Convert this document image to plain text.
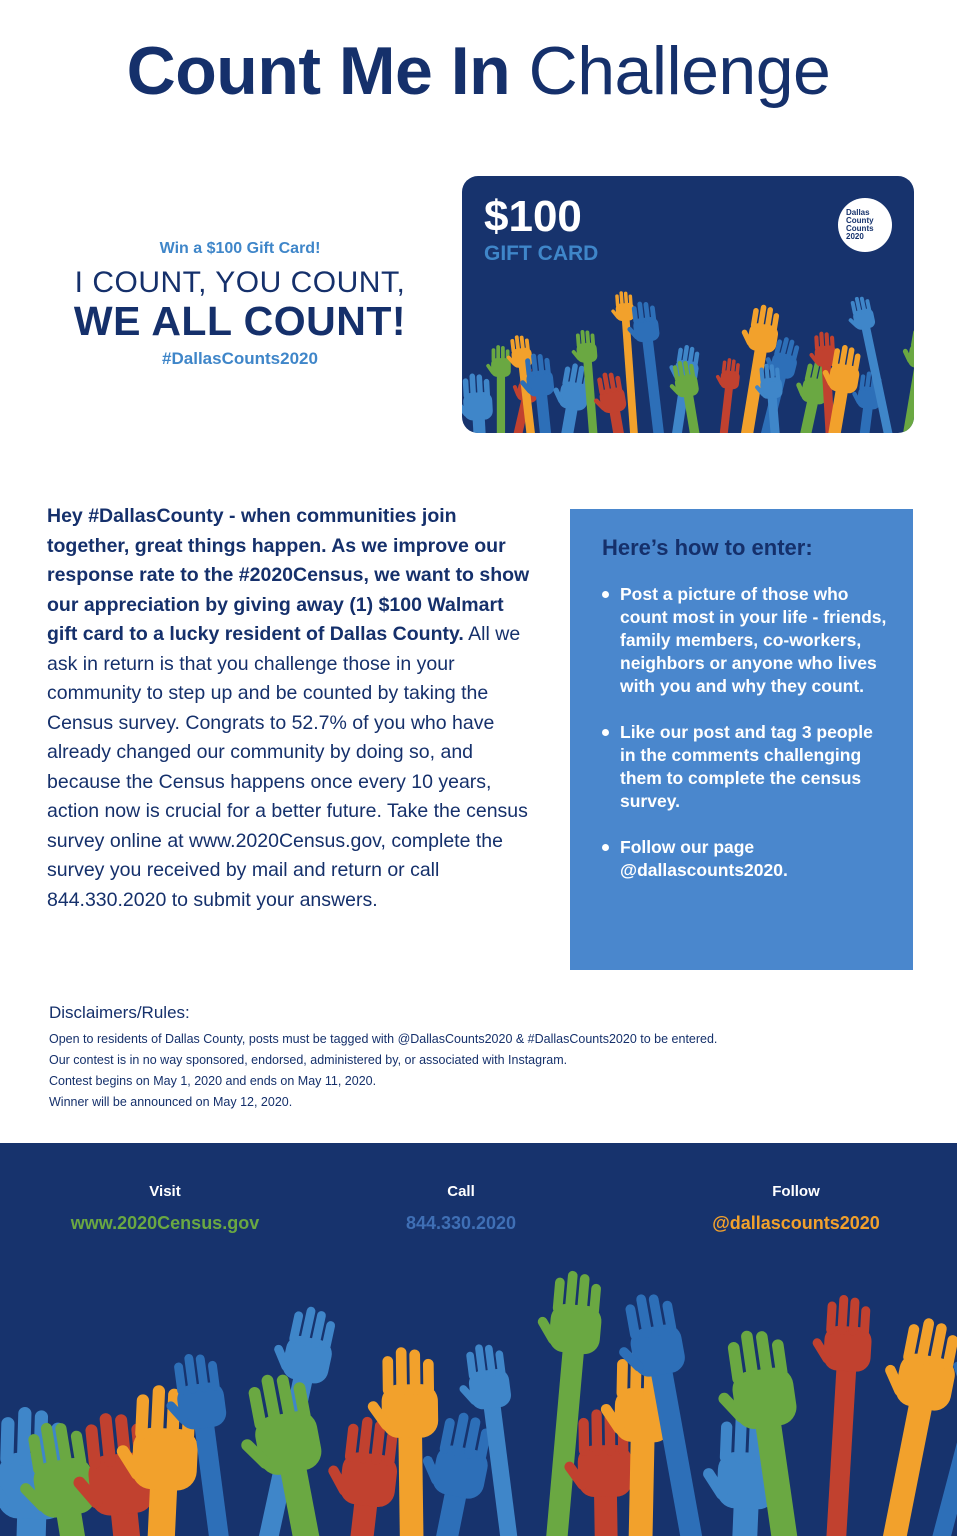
Count Me In Challenge
Win a $100 Gift Card!
I COUNT, YOU COUNT,
WE ALL COUNT!
#DallasCounts2020
$100
GIFT CARD
Dallas
County
Counts
2020
Hey #DallasCounty - when communities join together, great things happen. As we improve our response rate to the #2020Census, we want to show our appreciation by giving away (1) $100 Walmart gift card to a lucky resident of Dallas County. All we ask in return is that you challenge those in your community to step up and be counted by taking the Census survey. Congrats to 52.7% of you who have already changed our community by doing so, and because the Census happens once every 10 years, action now is crucial for a better future. Take the census survey online at www.2020Census.gov, complete the survey you received by mail and return or call 844.330.2020 to submit your answers.
Here’s how to enter:
Post a picture of those who count most in your life - friends, family members, co-workers, neighbors or anyone who lives with you and why they count.
Like our post and tag 3 people in the comments challenging them to complete the census survey.
Follow our page @dallascounts2020.
Disclaimers/Rules:
Open to residents of Dallas County, posts must be tagged with @DallasCounts2020 & #DallasCounts2020 to be entered.
Our contest is in no way sponsored, endorsed, administered by, or associated with Instagram.
Contest begins on May 1, 2020 and ends on May 11, 2020.
Winner will be announced on May 12, 2020.
Visit
www.2020Census.gov
Call
844.330.2020
Follow
@dallascounts2020
